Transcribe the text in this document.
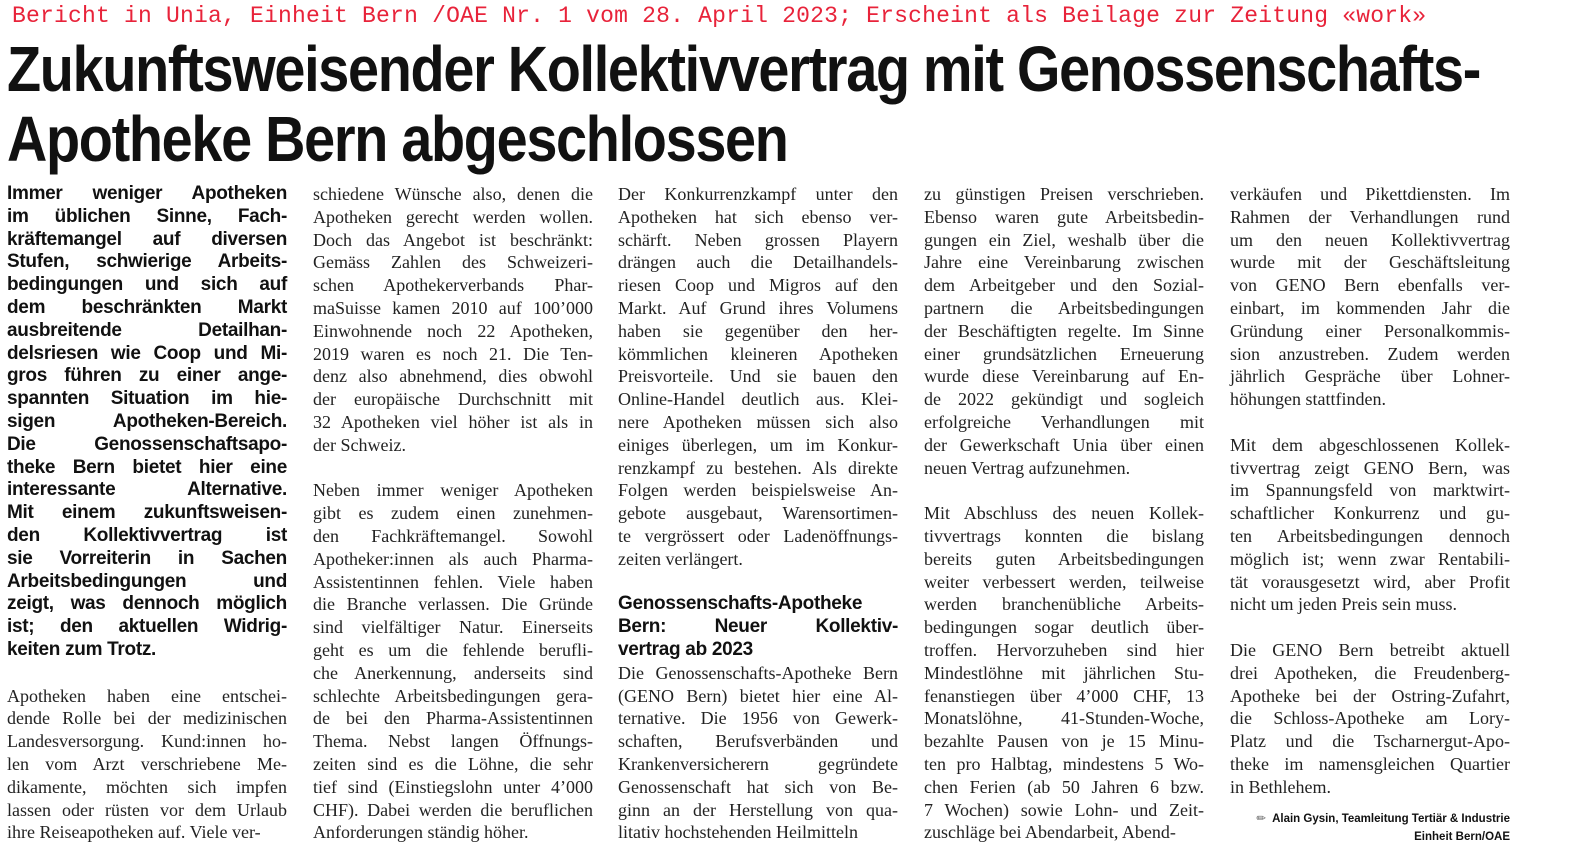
Bericht in Unia, Einheit Bern /OAE Nr. 1 vom 28. April 2023; Erscheint als Beilage zur Zeitung «work»
Zukunftsweisender Kollektivvertrag mit Genossenschafts-
Apotheke Bern abgeschlossen
Immer weniger Apotheken
im üblichen Sinne, Fach-
kräftemangel auf diversen
Stufen, schwierige Arbeits-
bedingungen und sich auf
dem beschränkten Markt
ausbreitende Detailhan-
delsriesen wie Coop und Mi-
gros führen zu einer ange-
spannten Situation im hie-
sigen Apotheken-Bereich.
Die Genossenschaftsapo-
theke Bern bietet hier eine
interessante Alternative.
Mit einem zukunftsweisen-
den Kollektivvertrag ist
sie Vorreiterin in Sachen
Arbeitsbedingungen und
zeigt, was dennoch möglich
ist; den aktuellen Widrig-
keiten zum Trotz.
Apotheken haben eine entschei-
dende Rolle bei der medizinischen
Landesversorgung. Kund:innen ho-
len vom Arzt verschriebene Me-
dikamente, möchten sich impfen
lassen oder rüsten vor dem Urlaub
ihre Reiseapotheken auf. Viele ver-
schiedene Wünsche also, denen die
Apotheken gerecht werden wollen.
Doch das Angebot ist beschränkt:
Gemäss Zahlen des Schweizeri-
schen Apothekerverbands Phar-
maSuisse kamen 2010 auf 100’000
Einwohnende noch 22 Apotheken,
2019 waren es noch 21. Die Ten-
denz also abnehmend, dies obwohl
der europäische Durchschnitt mit
32 Apotheken viel höher ist als in
der Schweiz.
Neben immer weniger Apotheken
gibt es zudem einen zunehmen-
den Fachkräftemangel. Sowohl
Apotheker:innen als auch Pharma-
Assistentinnen fehlen. Viele haben
die Branche verlassen. Die Gründe
sind vielfältiger Natur. Einerseits
geht es um die fehlende berufli-
che Anerkennung, anderseits sind
schlechte Arbeitsbedingungen gera-
de bei den Pharma-Assistentinnen
Thema. Nebst langen Öffnungs-
zeiten sind es die Löhne, die sehr
tief sind (Einstiegslohn unter 4’000
CHF). Dabei werden die beruflichen
Anforderungen ständig höher.
Der Konkurrenzkampf unter den
Apotheken hat sich ebenso ver-
schärft. Neben grossen Playern
drängen auch die Detailhandels-
riesen Coop und Migros auf den
Markt. Auf Grund ihres Volumens
haben sie gegenüber den her-
kömmlichen kleineren Apotheken
Preisvorteile. Und sie bauen den
Online-Handel deutlich aus. Klei-
nere Apotheken müssen sich also
einiges überlegen, um im Konkur-
renzkampf zu bestehen. Als direkte
Folgen werden beispielsweise An-
gebote ausgebaut, Warensortimen-
te vergrössert oder Ladenöffnungs-
zeiten verlängert.
Genossenschafts-Apotheke
Bern: Neuer Kollektiv-
vertrag ab 2023
Die Genossenschafts-Apotheke Bern
(GENO Bern) bietet hier eine Al-
ternative. Die 1956 von Gewerk-
schaften, Berufsverbänden und
Krankenversicherern gegründete
Genossenschaft hat sich von Be-
ginn an der Herstellung von qua-
litativ hochstehenden Heilmitteln
zu günstigen Preisen verschrieben.
Ebenso waren gute Arbeitsbedin-
gungen ein Ziel, weshalb über die
Jahre eine Vereinbarung zwischen
dem Arbeitgeber und den Sozial-
partnern die Arbeitsbedingungen
der Beschäftigten regelte. Im Sinne
einer grundsätzlichen Erneuerung
wurde diese Vereinbarung auf En-
de 2022 gekündigt und sogleich
erfolgreiche Verhandlungen mit
der Gewerkschaft Unia über einen
neuen Vertrag aufzunehmen.
Mit Abschluss des neuen Kollek-
tivvertrags konnten die bislang
bereits guten Arbeitsbedingungen
weiter verbessert werden, teilweise
werden branchenübliche Arbeits-
bedingungen sogar deutlich über-
troffen. Hervorzuheben sind hier
Mindestlöhne mit jährlichen Stu-
fenanstiegen über 4’000 CHF, 13
Monatslöhne, 41-Stunden-Woche,
bezahlte Pausen von je 15 Minu-
ten pro Halbtag, mindestens 5 Wo-
chen Ferien (ab 50 Jahren 6 bzw.
7 Wochen) sowie Lohn- und Zeit-
zuschläge bei Abendarbeit, Abend-
verkäufen und Pikettdiensten. Im
Rahmen der Verhandlungen rund
um den neuen Kollektivvertrag
wurde mit der Geschäftsleitung
von GENO Bern ebenfalls ver-
einbart, im kommenden Jahr die
Gründung einer Personalkommis-
sion anzustreben. Zudem werden
jährlich Gespräche über Lohner-
höhungen stattfinden.
Mit dem abgeschlossenen Kollek-
tivvertrag zeigt GENO Bern, was
im Spannungsfeld von marktwirt-
schaftlicher Konkurrenz und gu-
ten Arbeitsbedingungen dennoch
möglich ist; wenn zwar Rentabili-
tät vorausgesetzt wird, aber Profit
nicht um jeden Preis sein muss.
Die GENO Bern betreibt aktuell
drei Apotheken, die Freudenberg-
Apotheke bei der Ostring-Zufahrt,
die Schloss-Apotheke am Lory-
Platz und die Tscharnergut-Apo-
theke im namensgleichen Quartier
in Bethlehem.
✏ Alain Gysin, Teamleitung Tertiär & Industrie
Einheit Bern/OAE
